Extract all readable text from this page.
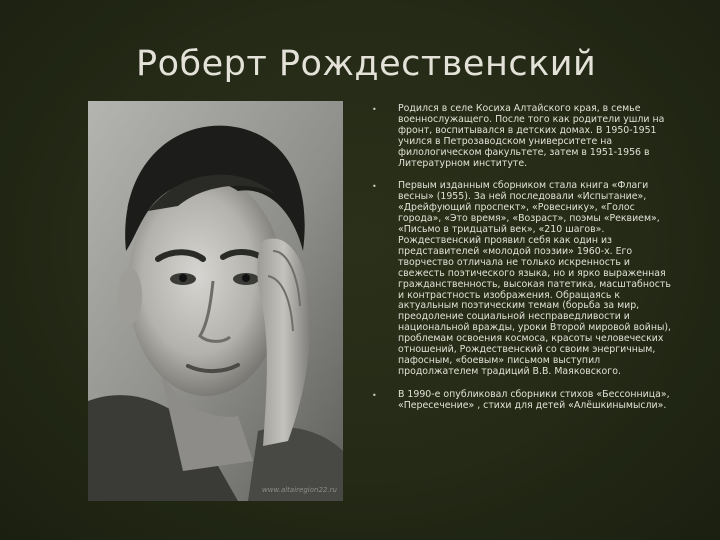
Роберт Рождественский
www.altairegion22.ru
•	Родился в селе Косиха Алтайского края, в семье военнослужащего. После того как родители ушли на фронт, воспитывался в детских домах. В 1950-1951 учился в Петрозаводском университете на филологическом факультете, затем в 1951-1956 в Литературном институте.
•	Первым изданным сборником стала книга «Флаги весны» (1955). За ней последовали «Испытание», «Дрейфующий проспект», «Ровеснику», «Голос города», «Это время», «Возраст», поэмы «Реквием», «Письмо в тридцатый век», «210 шагов». Рождественский проявил себя как один из представителей «молодой поэзии» 1960-х. Его творчество отличала не только искренность и свежесть поэтического языка, но и ярко выраженная гражданственность, высокая патетика, масштабность и контрастность изображения. Обращаясь к актуальным поэтическим темам (борьба за мир, преодоление социальной несправедливости и национальной вражды, уроки Второй мировой войны), проблемам освоения космоса, красоты человеческих отношений, Рождественский со своим энергичным, пафосным, «боевым» письмом выступил продолжателем традиций В.В. Маяковского.
•	В 1990-е опубликовал сборники стихов «Бессонница», «Пересечение» , стихи для детей «Алёшкинымысли».
